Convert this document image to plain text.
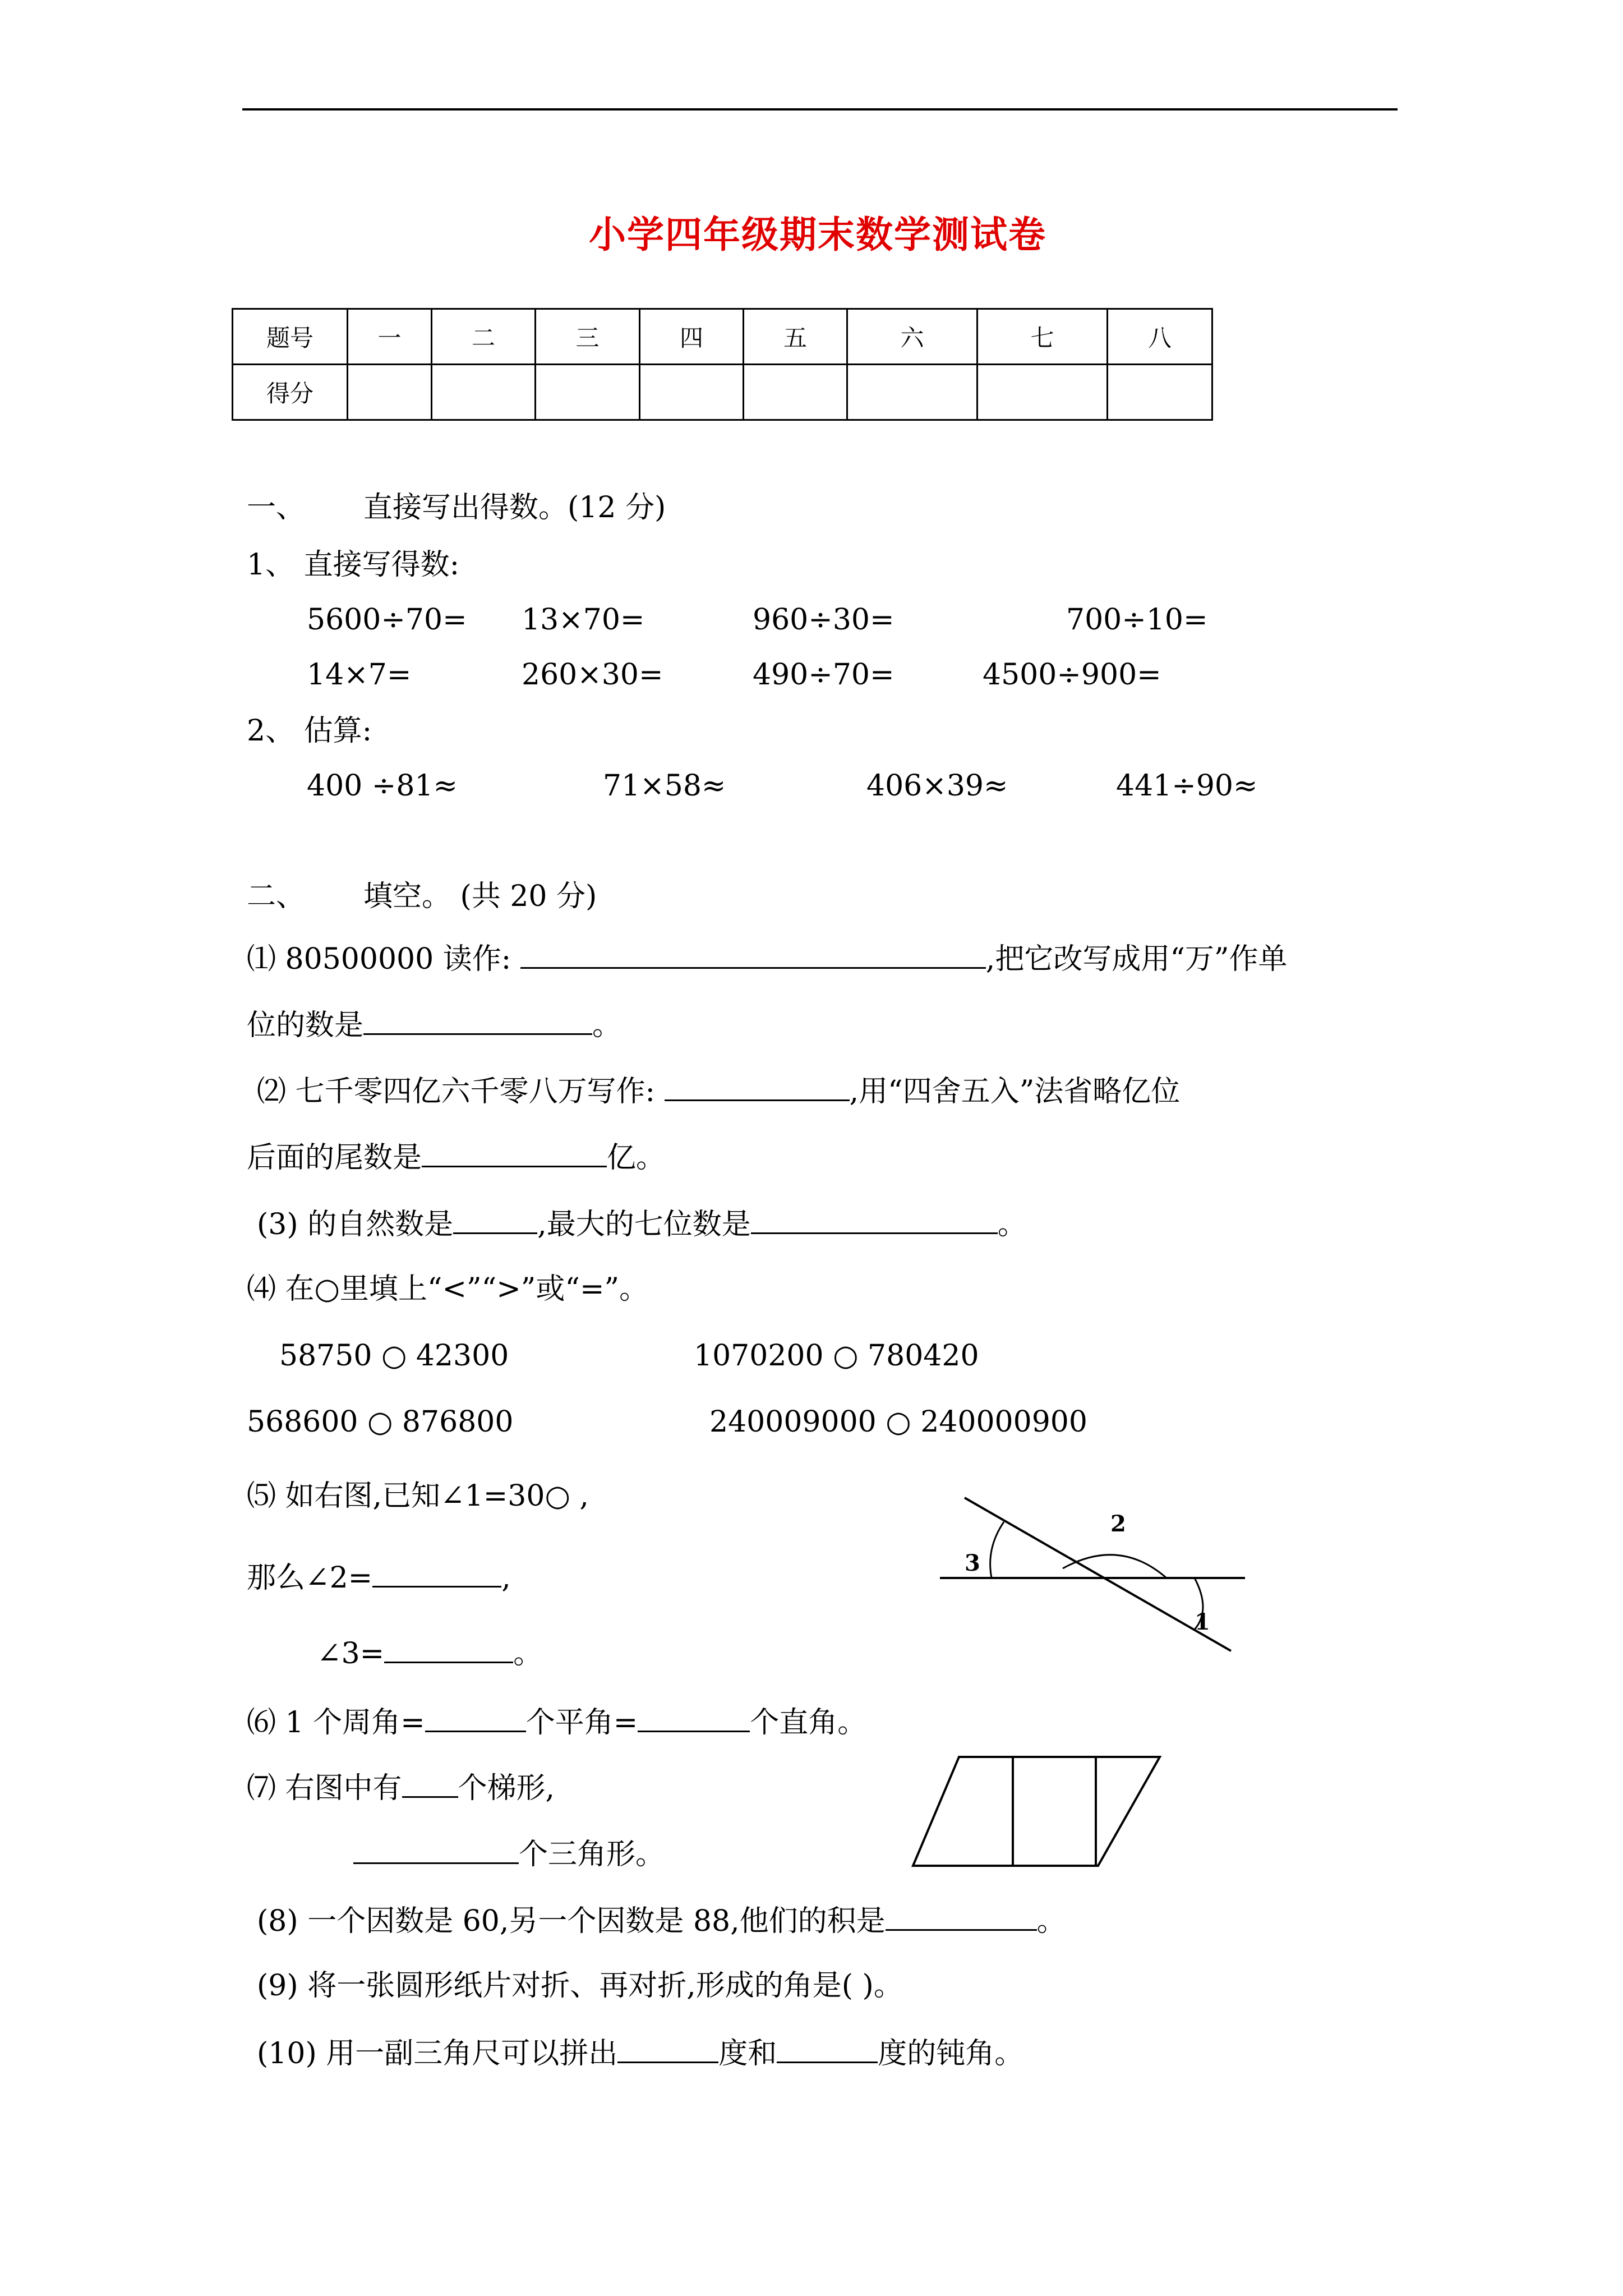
小学四年级期末数学测试卷
题号	一	二	三	四	五	六	七	八
得分								
一、 直接写出得数。(12 分)
1、 直接写得数:
5600÷70= 13×70=	960÷30=	700÷10=
14×7=	260×30=	490÷70=	4500÷900=
2、 估算:
400 ÷81≈	71×58≈	406×39≈	441÷90≈
二、 填空。 (共 20 分)
⑴ 80500000 读作:	,把它改写成用“万”作单
位的数是	。
⑵ 七千零四亿六千零八万写作:	,用“四舍五入”法省略亿位
后面的尾数是	亿。
(3) 的自然数是	,最大的七位数是	。
⑷ 在○里填上“<”“>”或“=”。
58750 ○ 42300	1070200 ○ 780420
568600 ○ 876800	240009000 ○ 240000900
⑸ 如右图,已知∠1=30○ ,
那么∠2=	,
∠3=	。
3
2
1
⑹ 1 个周角=	个平角=	个直角。
⑺ 右图中有 个梯形,
个三角形。
(8) 一个因数是 60,另一个因数是 88,他们的积是	。
(9) 将一张圆形纸片对折、再对折,形成的角是( )。
(10) 用一副三角尺可以拼出	度和	度的钝角。
